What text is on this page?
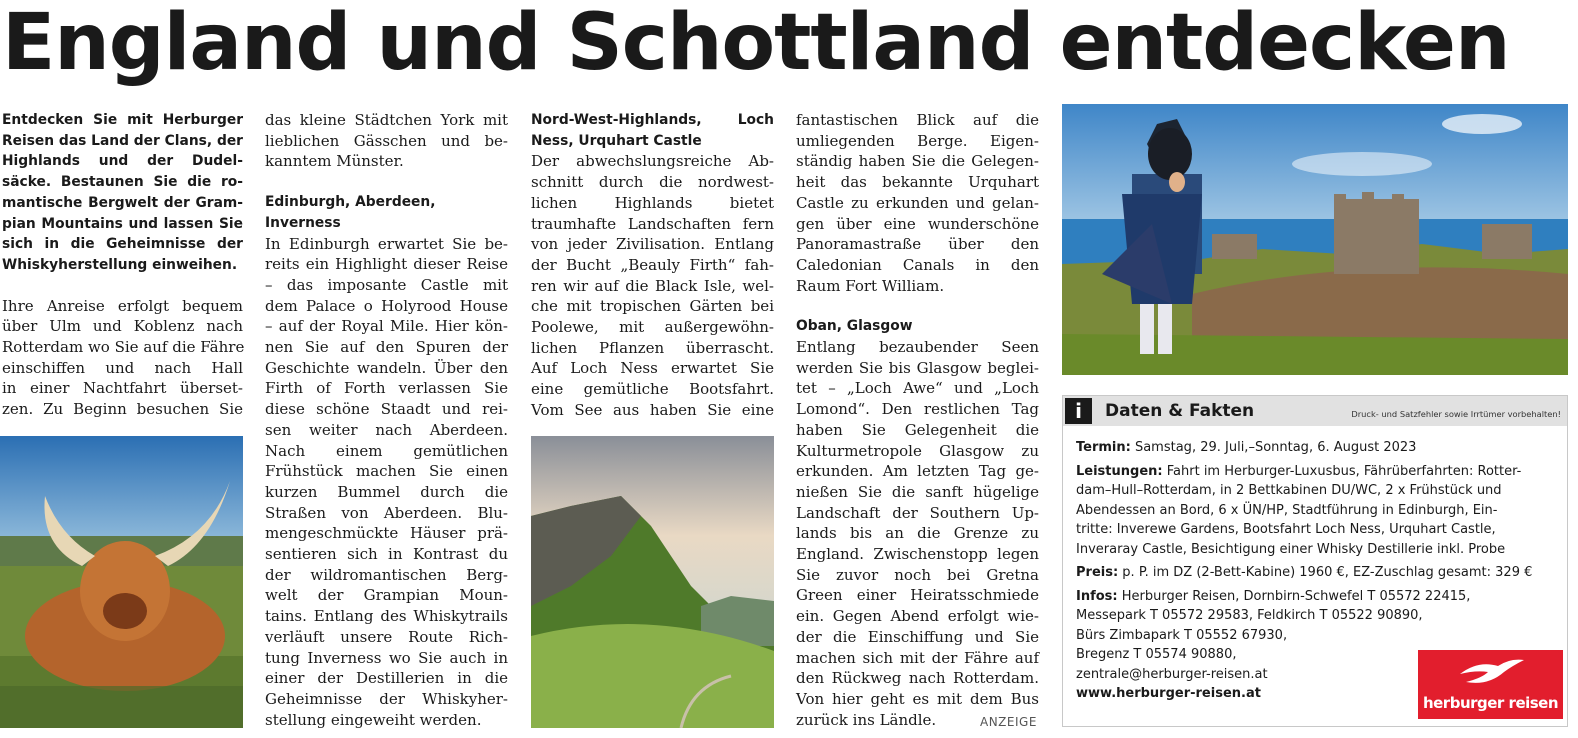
England und Schottland entdecken
Entdecken Sie mit Herburger
Reisen das Land der Clans, der
Highlands und der Dudel-
säcke. Bestaunen Sie die ro-
mantische Bergwelt der Gram-
pian Mountains und lassen Sie
sich in die Geheimnisse der
Whiskyherstellung einweihen.
Ihre Anreise erfolgt bequem
über Ulm und Koblenz nach
Rotterdam wo Sie auf die Fähre
einschiffen und nach Hall
in einer Nachtfahrt überset-
zen. Zu Beginn besuchen Sie
das kleine Städtchen York mit
lieblichen Gässchen und be-
kanntem Münster.
Edinburgh, Aberdeen,
Inverness
In Edinburgh erwartet Sie be-
reits ein Highlight dieser Reise
– das imposante Castle mit
dem Palace o Holyrood House
– auf der Royal Mile. Hier kön-
nen Sie auf den Spuren der
Geschichte wandeln. Über den
Firth of Forth verlassen Sie
diese schöne Staadt und rei-
sen weiter nach Aberdeen.
Nach einem gemütlichen
Frühstück machen Sie einen
kurzen Bummel durch die
Straßen von Aberdeen. Blu-
mengeschmückte Häuser prä-
sentieren sich in Kontrast du
der wildromantischen Berg-
welt der Grampian Moun-
tains. Entlang des Whiskytrails
verläuft unsere Route Rich-
tung Inverness wo Sie auch in
einer der Destillerien in die
Geheimnisse der Whiskyher-
stellung eingeweiht werden.
Nord-West-Highlands, Loch
Ness, Urquhart Castle
Der abwechslungsreiche Ab-
schnitt durch die nordwest-
lichen Highlands bietet
traumhafte Landschaften fern
von jeder Zivilisation. Entlang
der Bucht „Beauly Firth“ fah-
ren wir auf die Black Isle, wel-
che mit tropischen Gärten bei
Poolewe, mit außergewöhn-
lichen Pflanzen überrascht.
Auf Loch Ness erwartet Sie
eine gemütliche Bootsfahrt.
Vom See aus haben Sie eine
fantastischen Blick auf die
umliegenden Berge. Eigen-
ständig haben Sie die Gelegen-
heit das bekannte Urquhart
Castle zu erkunden und gelan-
gen über eine wunderschöne
Panoramastraße über den
Caledonian Canals in den
Raum Fort William.
Oban, Glasgow
Entlang bezaubender Seen
werden Sie bis Glasgow beglei-
tet – „Loch Awe“ und „Loch
Lomond“. Den restlichen Tag
haben Sie Gelegenheit die
Kulturmetropole Glasgow zu
erkunden. Am letzten Tag ge-
nießen Sie die sanft hügelige
Landschaft der Southern Up-
lands bis an die Grenze zu
England. Zwischenstopp legen
Sie zuvor noch bei Gretna
Green einer Heiratsschmiede
ein. Gegen Abend erfolgt wie-
der die Einschiffung und Sie
machen sich mit der Fähre auf
den Rückweg nach Rotterdam.
Von hier geht es mit dem Bus
zurück ins Ländle.	ANZEIGE
i	Daten & Fakten	Druck- und Satzfehler sowie Irrtümer vorbehalten!
Termin: Samstag, 29. Juli,–Sonntag, 6. August 2023
Leistungen: Fahrt im Herburger-Luxusbus, Fährüberfahrten: Rotter-
dam–Hull–Rotterdam, in 2 Bettkabinen DU/WC, 2 x Frühstück und
Abendessen an Bord, 6 x ÜN/HP, Stadtführung in Edinburgh, Ein-
tritte: Inverewe Gardens, Bootsfahrt Loch Ness, Urquhart Castle,
Inveraray Castle, Besichtigung einer Whisky Destillerie inkl. Probe
Preis: p. P. im DZ (2-Bett-Kabine) 1960 €, EZ-Zuschlag gesamt: 329 €
Infos: Herburger Reisen, Dornbirn-Schwefel T 05572 22415,
Messepark T 05572 29583, Feldkirch T 05522 90890,
Bürs Zimbapark T 05552 67930,
Bregenz T 05574 90880,
zentrale@herburger-reisen.at
www.herburger-reisen.at
herburger reisen
